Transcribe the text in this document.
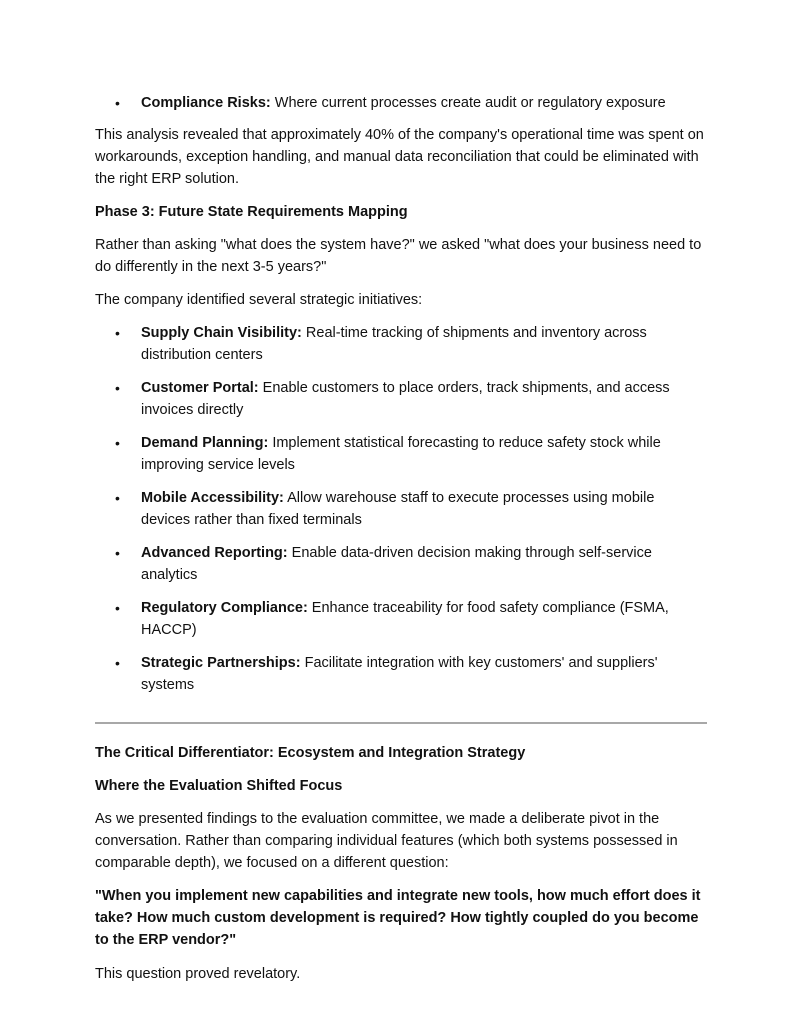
• Compliance Risks: Where current processes create audit or regulatory exposure

This analysis revealed that approximately 40% of the company's operational time was spent on workarounds, exception handling, and manual data reconciliation that could be eliminated with the right ERP solution.

Phase 3: Future State Requirements Mapping

Rather than asking "what does the system have?" we asked "what does your business need to do differently in the next 3-5 years?"

The company identified several strategic initiatives:

• Supply Chain Visibility: Real-time tracking of shipments and inventory across distribution centers
• Customer Portal: Enable customers to place orders, track shipments, and access invoices directly
• Demand Planning: Implement statistical forecasting to reduce safety stock while improving service levels
• Mobile Accessibility: Allow warehouse staff to execute processes using mobile devices rather than fixed terminals
• Advanced Reporting: Enable data-driven decision making through self-service analytics
• Regulatory Compliance: Enhance traceability for food safety compliance (FSMA, HACCP)
• Strategic Partnerships: Facilitate integration with key customers' and suppliers' systems

The Critical Differentiator: Ecosystem and Integration Strategy

Where the Evaluation Shifted Focus

As we presented findings to the evaluation committee, we made a deliberate pivot in the conversation. Rather than comparing individual features (which both systems possessed in comparable depth), we focused on a different question:

"When you implement new capabilities and integrate new tools, how much effort does it take? How much custom development is required? How tightly coupled do you become to the ERP vendor?"

This question proved revelatory.
